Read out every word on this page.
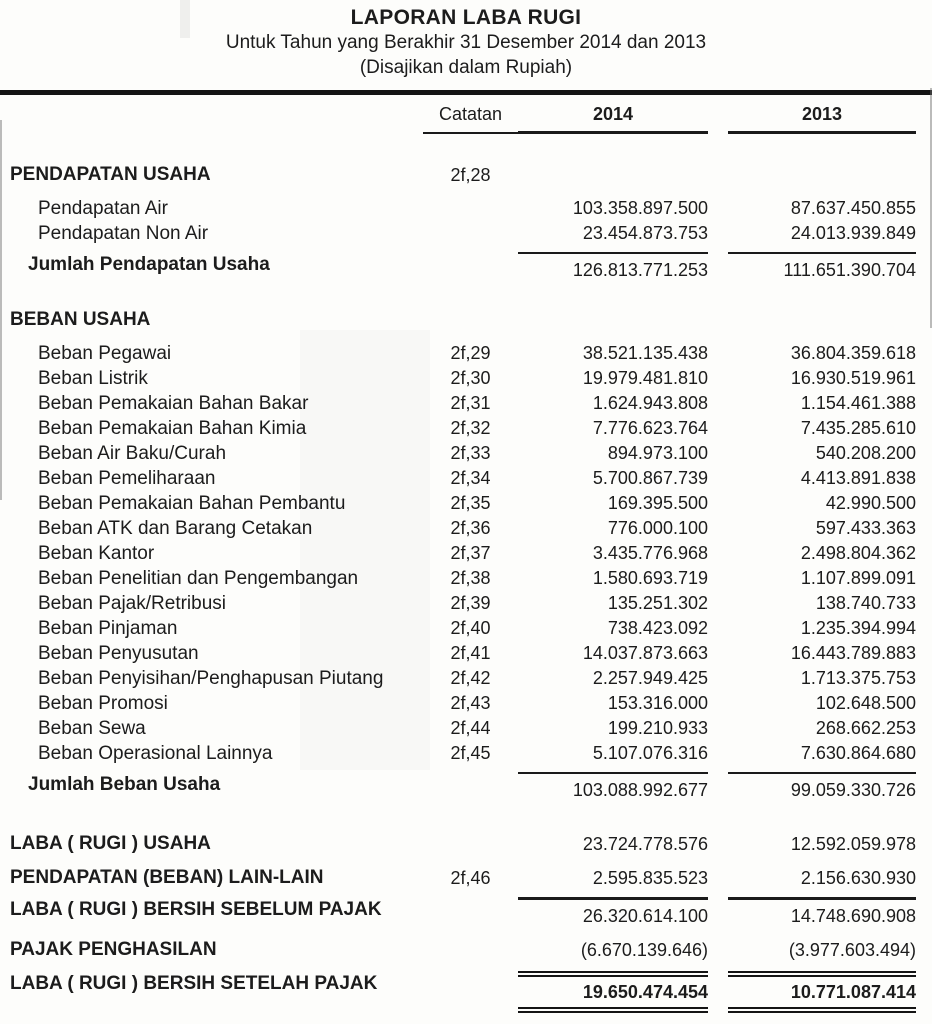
LAPORAN LABA RUGI
Untuk Tahun yang Berakhir 31 Desember 2014 dan 2013
(Disajikan dalam Rupiah)
Catatan	2014	2013
PENDAPATAN USAHA	2f,28
Pendapatan Air	103.358.897.500	87.637.450.855
Pendapatan Non Air	23.454.873.753	24.013.939.849
Jumlah Pendapatan Usaha	126.813.771.253	111.651.390.704
BEBAN USAHA
Beban Pegawai	2f,29	38.521.135.438	36.804.359.618
Beban Listrik	2f,30	19.979.481.810	16.930.519.961
Beban Pemakaian Bahan Bakar	2f,31	1.624.943.808	1.154.461.388
Beban Pemakaian Bahan Kimia	2f,32	7.776.623.764	7.435.285.610
Beban Air Baku/Curah	2f,33	894.973.100	540.208.200
Beban Pemeliharaan	2f,34	5.700.867.739	4.413.891.838
Beban Pemakaian Bahan Pembantu	2f,35	169.395.500	42.990.500
Beban ATK dan Barang Cetakan	2f,36	776.000.100	597.433.363
Beban Kantor	2f,37	3.435.776.968	2.498.804.362
Beban Penelitian dan Pengembangan	2f,38	1.580.693.719	1.107.899.091
Beban Pajak/Retribusi	2f,39	135.251.302	138.740.733
Beban Pinjaman	2f,40	738.423.092	1.235.394.994
Beban Penyusutan	2f,41	14.037.873.663	16.443.789.883
Beban Penyisihan/Penghapusan Piutang	2f,42	2.257.949.425	1.713.375.753
Beban Promosi	2f,43	153.316.000	102.648.500
Beban Sewa	2f,44	199.210.933	268.662.253
Beban Operasional Lainnya	2f,45	5.107.076.316	7.630.864.680
Jumlah Beban Usaha	103.088.992.677	99.059.330.726
LABA ( RUGI ) USAHA	23.724.778.576	12.592.059.978
PENDAPATAN (BEBAN) LAIN-LAIN	2f,46	2.595.835.523	2.156.630.930
LABA ( RUGI ) BERSIH SEBELUM PAJAK	26.320.614.100	14.748.690.908
PAJAK PENGHASILAN	(6.670.139.646)	(3.977.603.494)
LABA ( RUGI ) BERSIH SETELAH PAJAK	19.650.474.454	10.771.087.414
